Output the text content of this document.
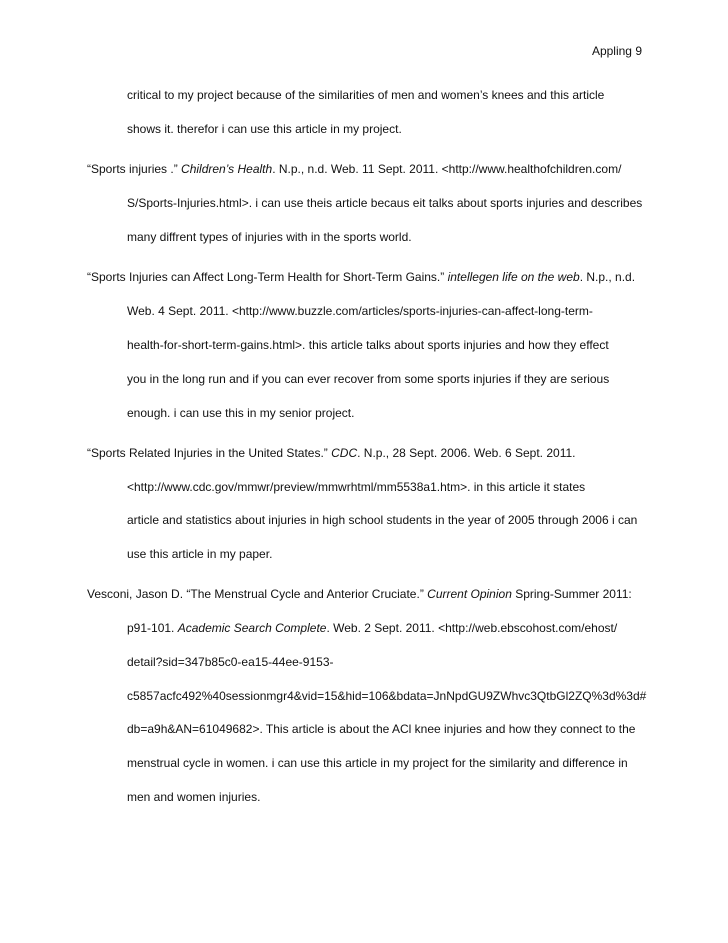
Appling 9
critical to my project because of the similarities of men and women’s knees and this article
shows it. therefor i can use this article in my project.
“Sports injuries .” Children’s Health. N.p., n.d. Web. 11 Sept. 2011. <http://www.healthofchildren.com/
S/Sports-Injuries.html>. i can use theis article becaus eit talks about sports injuries and describes
many diffrent types of injuries with in the sports world.
“Sports Injuries can Affect Long-Term Health for Short-Term Gains.” intellegen life on the web. N.p., n.d.
Web. 4 Sept. 2011. <http://www.buzzle.com/articles/sports-injuries-can-affect-long-term-
health-for-short-term-gains.html>. this article talks about sports injuries and how they effect
you in the long run and if you can ever recover from some sports injuries if they are serious
enough. i can use this in my senior project.
“Sports Related Injuries in the United States.” CDC. N.p., 28 Sept. 2006. Web. 6 Sept. 2011.
<http://www.cdc.gov/mmwr/preview/mmwrhtml/mm5538a1.htm>. in this article it states
article and statistics about injuries in high school students in the year of 2005 through 2006 i can
use this article in my paper.
Vesconi, Jason D. “The Menstrual Cycle and Anterior Cruciate.” Current Opinion Spring-Summer 2011:
p91-101. Academic Search Complete. Web. 2 Sept. 2011. <http://web.ebscohost.com/ehost/
detail?sid=347b85c0-ea15-44ee-9153-
c5857acfc492%40sessionmgr4&vid=15&hid=106&bdata=JnNpdGU9ZWhvc3QtbGl2ZQ%3d%3d#
db=a9h&AN=61049682>. This article is about the ACl knee injuries and how they connect to the
menstrual cycle in women. i can use this article in my project for the similarity and difference in
men and women injuries.
